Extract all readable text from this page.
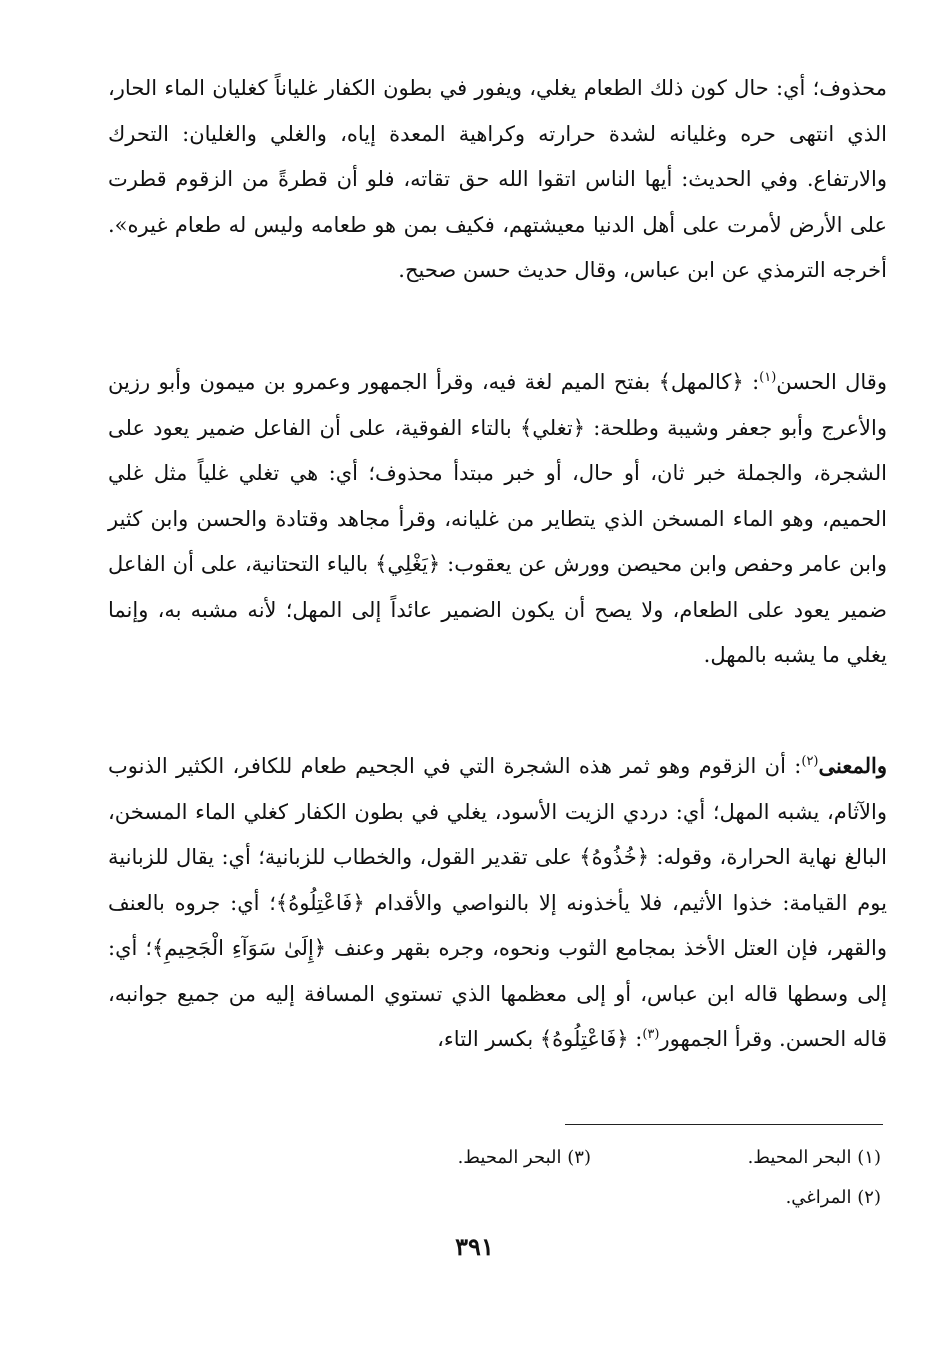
محذوف؛ أي: حال كون ذلك الطعام يغلي، ويفور في بطون الكفار غلياناً كغليان الماء الحار، الذي انتهى حره وغليانه لشدة حرارته وكراهية المعدة إياه، والغلي والغليان: التحرك والارتفاع. وفي الحديث: أيها الناس اتقوا الله حق تقاته، فلو أن قطرةً من الزقوم قطرت على الأرض لأمرت على أهل الدنيا معيشتهم، فكيف بمن هو طعامه وليس له طعام غيره». أخرجه الترمذي عن ابن عباس، وقال حديث حسن صحيح.

وقال الحسن$^{(١)}$: ﴿كالمهل﴾ بفتح الميم لغة فيه، وقرأ الجمهور وعمرو بن ميمون وأبو رزين والأعرج وأبو جعفر وشيبة وطلحة: ﴿تغلي﴾ بالتاء الفوقية، على أن الفاعل ضمير يعود على الشجرة، والجملة خبر ثان، أو حال، أو خبر مبتدأ محذوف؛ أي: هي تغلي غلياً مثل غلي الحميم، وهو الماء المسخن الذي يتطاير من غليانه، وقرأ مجاهد وقتادة والحسن وابن كثير وابن عامر وحفص وابن محيصن وورش عن يعقوب: ﴿يَغْلِي﴾ بالياء التحتانية، على أن الفاعل ضمير يعود على الطعام، ولا يصح أن يكون الضمير عائداً إلى المهل؛ لأنه مشبه به، وإنما يغلي ما يشبه بالمهل.

والمعنى$^{(٢)}$: أن الزقوم وهو ثمر هذه الشجرة التي في الجحيم طعام للكافر، الكثير الذنوب والآثام، يشبه المهل؛ أي: دردي الزيت الأسود، يغلي في بطون الكفار كغلي الماء المسخن، البالغ نهاية الحرارة، وقوله: ﴿خُذُوهُ﴾ على تقدير القول، والخطاب للزبانية؛ أي: يقال للزبانية يوم القيامة: خذوا الأثيم، فلا يأخذونه إلا بالنواصي والأقدام ﴿فَاعْتِلُوهُ﴾؛ أي: جروه بالعنف والقهر، فإن العتل الأخذ بمجامع الثوب ونحوه، وجره بقهر وعنف ﴿إِلَىٰ سَوَآءِ الْجَحِيمِ﴾؛ أي: إلى وسطها قاله ابن عباس، أو إلى معظمها الذي تستوي المسافة إليه من جميع جوانبه، قاله الحسن. وقرأ الجمهور$^{(٣)}$: ﴿فَاعْتِلُوهُ﴾ بكسر التاء،

(١) البحر المحيط.
(٣) البحر المحيط.
(٢) المراغي.
٣٩١
